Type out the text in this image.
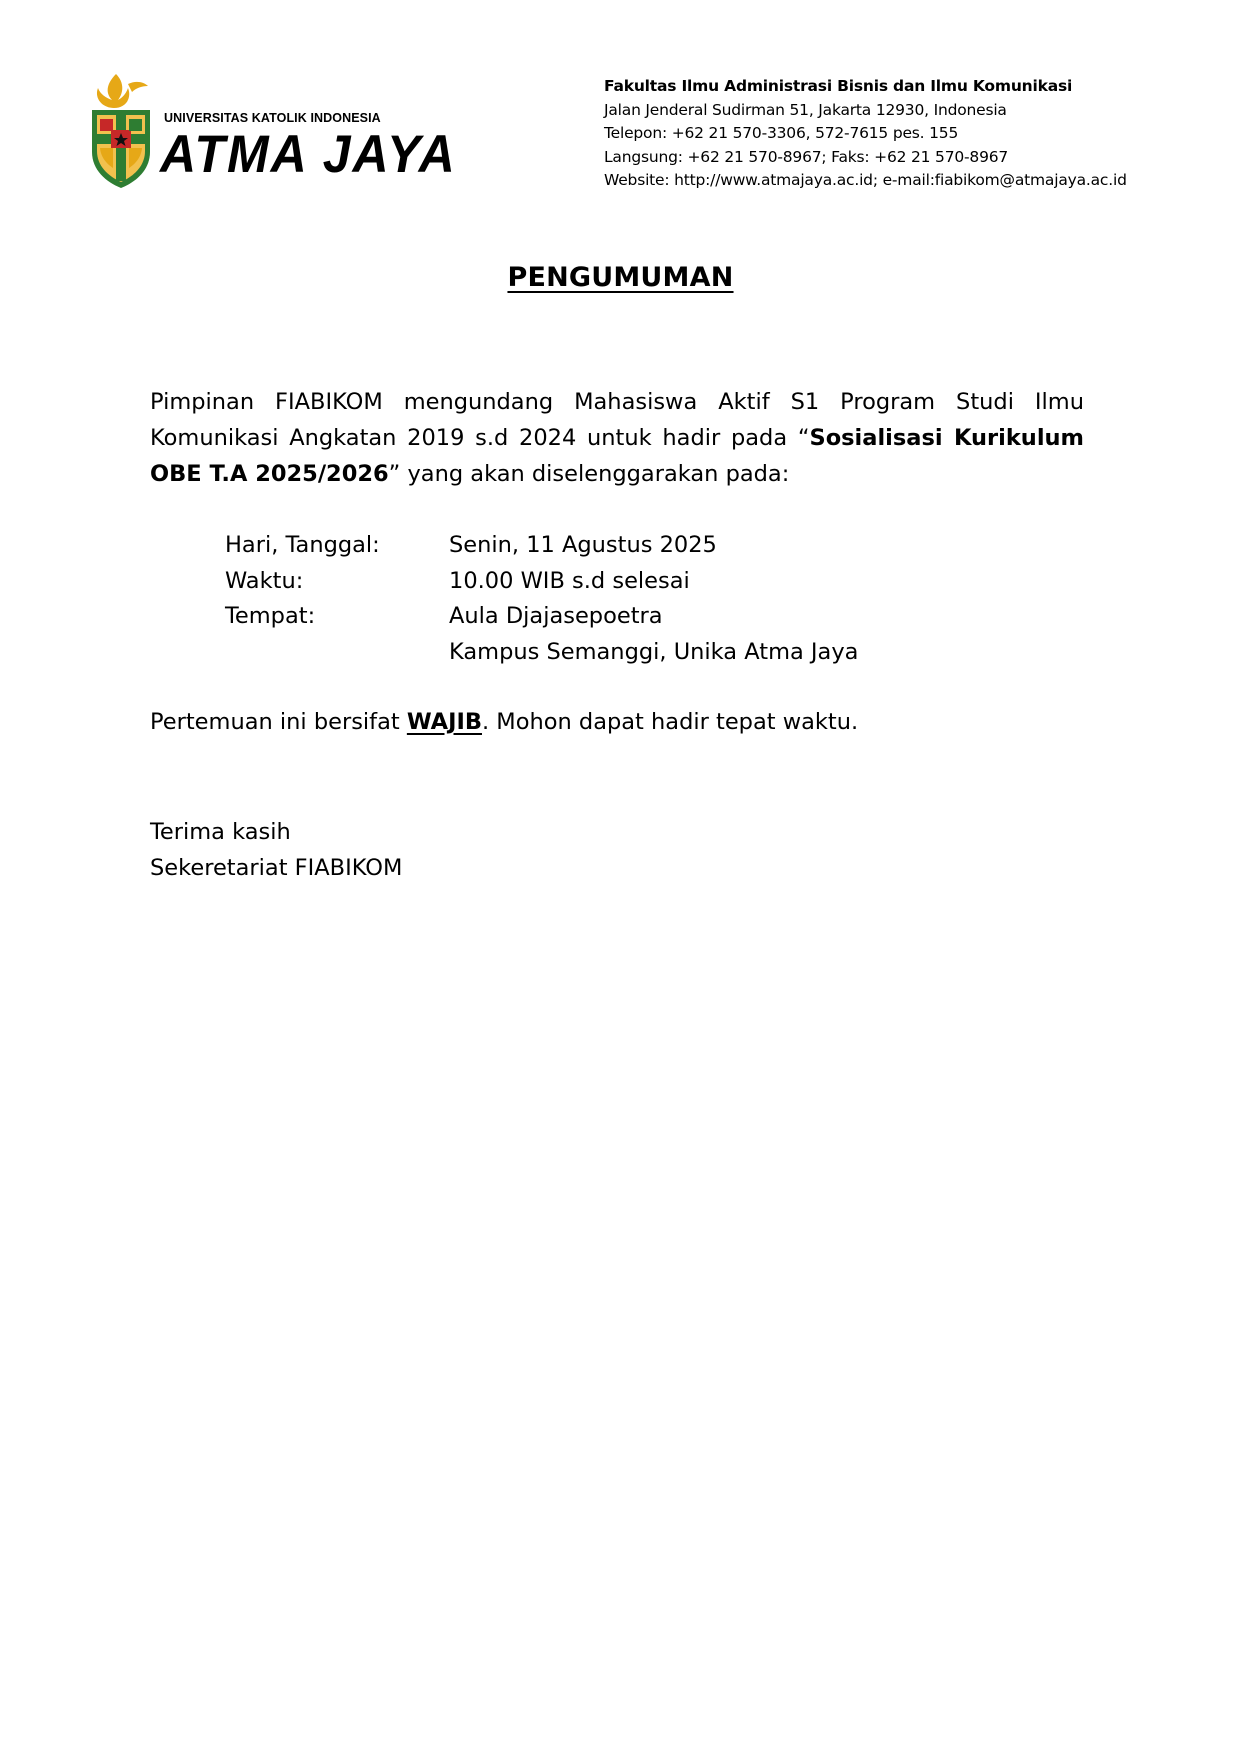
UNIVERSITAS KATOLIK INDONESIA
ATMA JAYA
Fakultas Ilmu Administrasi Bisnis dan Ilmu Komunikasi
Jalan Jenderal Sudirman 51, Jakarta 12930, Indonesia
Telepon: +62 21 570-3306, 572-7615 pes. 155
Langsung: +62 21 570-8967; Faks: +62 21 570-8967
Website: http://www.atmajaya.ac.id; e-mail:fiabikom@atmajaya.ac.id
PENGUMUMAN
Pimpinan FIABIKOM mengundang Mahasiswa Aktif S1 Program Studi Ilmu Komunikasi Angkatan 2019 s.d 2024 untuk hadir pada “Sosialisasi Kurikulum OBE T.A 2025/2026” yang akan diselenggarakan pada:
Hari, Tanggal:	Senin, 11 Agustus 2025
Waktu:	10.00 WIB s.d selesai
Tempat:	Aula Djajasepoetra
Kampus Semanggi, Unika Atma Jaya
Pertemuan ini bersifat WAJIB. Mohon dapat hadir tepat waktu.
Terima kasih
Sekeretariat FIABIKOM
